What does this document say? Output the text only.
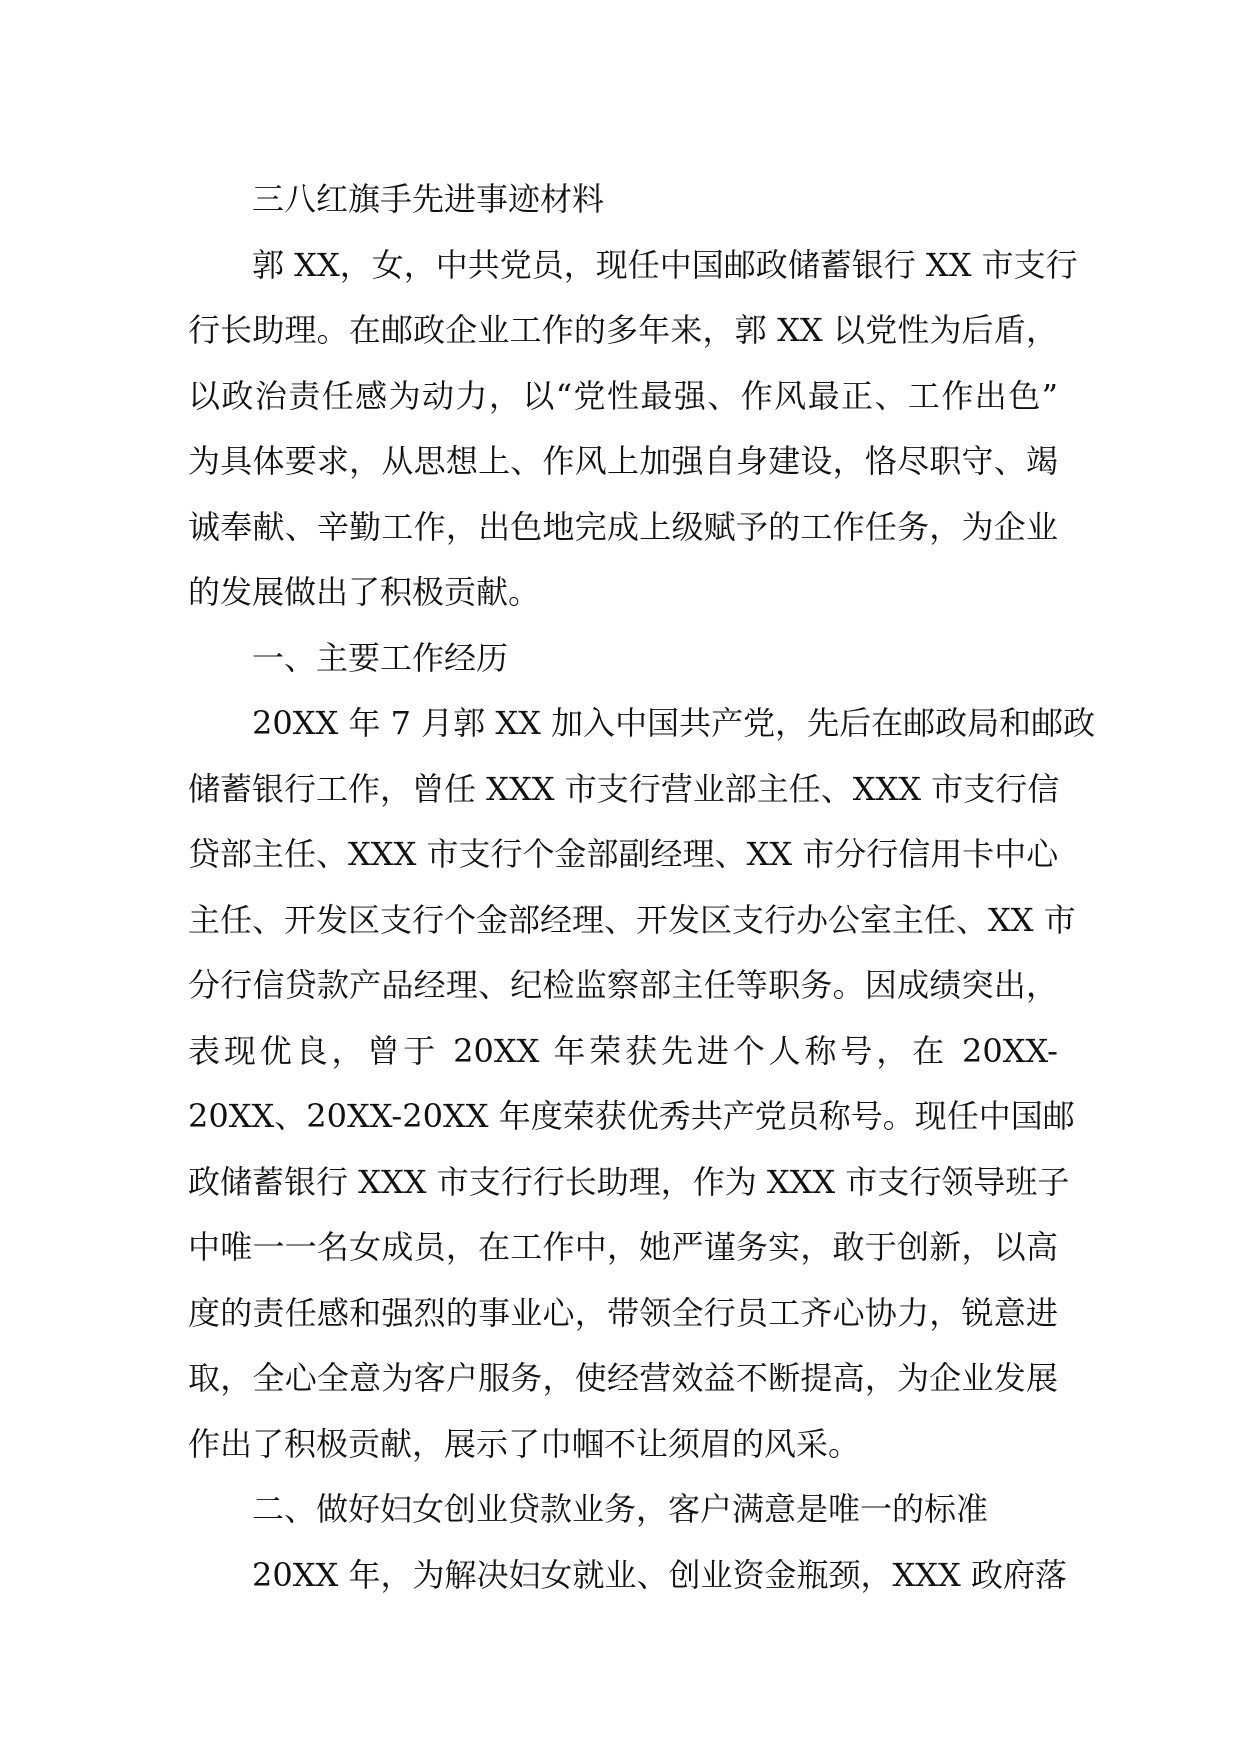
三八红旗手先进事迹材料
郭 XX，女，中共党员，现任中国邮政储蓄银行 XX 市支行
行长助理。在邮政企业工作的多年来，郭 XX 以党性为后盾，
以政治责任感为动力，以“党性最强、作风最正、工作出色”
为具体要求，从思想上、作风上加强自身建设，恪尽职守、竭
诚奉献、辛勤工作，出色地完成上级赋予的工作任务，为企业
的发展做出了积极贡献。
一、主要工作经历
20XX 年 7 月郭 XX 加入中国共产党，先后在邮政局和邮政
储蓄银行工作，曾任 XXX 市支行营业部主任、XXX 市支行信
贷部主任、XXX 市支行个金部副经理、XX 市分行信用卡中心
主任、开发区支行个金部经理、开发区支行办公室主任、XX 市
分行信贷款产品经理、纪检监察部主任等职务。因成绩突出，
表现优良，曾于 20XX 年荣获先进个人称号，在 20XX-
20XX、20XX-20XX 年度荣获优秀共产党员称号。现任中国邮
政储蓄银行 XXX 市支行行长助理，作为 XXX 市支行领导班子
中唯一一名女成员，在工作中，她严谨务实，敢于创新，以高
度的责任感和强烈的事业心，带领全行员工齐心协力，锐意进
取，全心全意为客户服务，使经营效益不断提高，为企业发展
作出了积极贡献，展示了巾帼不让须眉的风采。
二、做好妇女创业贷款业务，客户满意是唯一的标准
20XX 年，为解决妇女就业、创业资金瓶颈，XXX 政府落
